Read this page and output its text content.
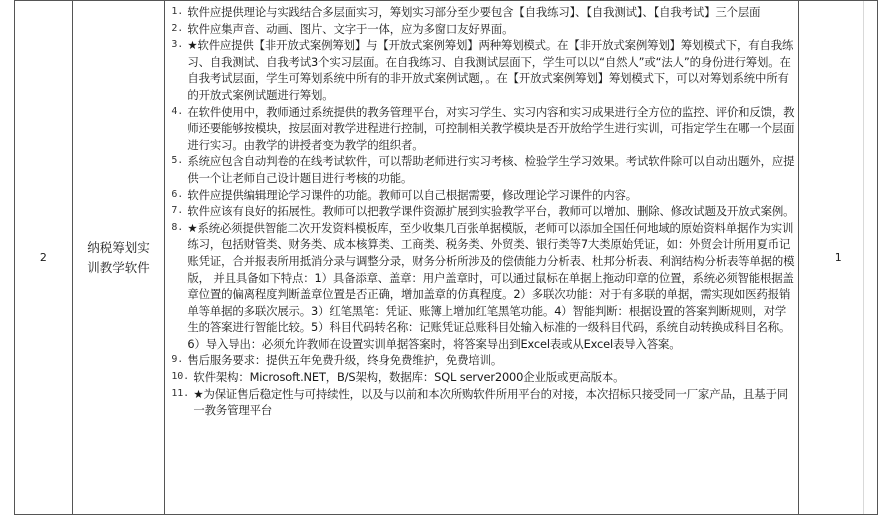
2	
纳税筹划实训教学软件

1. 软件应提供理论与实践结合多层面实习，筹划实习部分至少要包含【自我练习】、【自我测试】、【自我考试】三个层面
2. 软件应集声音、动画、图片、文字于一体，应为多窗口友好界面。
3. ★软件应提供【非开放式案例筹划】与【开放式案例筹划】两种筹划模式。在【非开放式案例筹划】筹划模式下，有自我练习、自我测试、自我考试3个实习层面。在自我练习、自我测试层面下，学生可以以“自然人”或“法人”的身份进行筹划。在自我考试层面，学生可筹划系统中所有的非开放式案例试题，。在【开放式案例筹划】筹划模式下，可以对筹划系统中所有的开放式案例试题进行筹划。
4. 在软件使用中，教师通过系统提供的教务管理平台，对实习学生、实习内容和实习成果进行全方位的监控、评价和反馈，教师还要能够按模块，按层面对教学进程进行控制，可控制相关教学模块是否开放给学生进行实训，可指定学生在哪一个层面进行实习。由教学的讲授者变为教学的组织者。
5. 系统应包含自动判卷的在线考试软件，可以帮助老师进行实习考核、检验学生学习效果。考试软件除可以自动出题外，应提供一个让老师自己设计题目进行考核的功能。
6. 软件应提供编辑理论学习课件的功能。教师可以自己根据需要，修改理论学习课件的内容。
7. 软件应该有良好的拓展性。教师可以把教学课件资源扩展到实验教学平台，教师可以增加、删除、修改试题及开放式案例。
8. ★系统必须提供智能二次开发资料模板库，至少收集几百张单据模版，老师可以添加全国任何地域的原始资料单据作为实训练习，包括财管类、财务类、成本核算类、工商类、税务类、外贸类、银行类等7大类原始凭证，如：外贸会计所用夏币记账凭证，合并报表所用抵消分录与调整分录，财务分析所涉及的偿债能力分析表、杜邦分析表、利润结构分析表等单据的模版， 并且具备如下特点：1）具备添章、盖章：用户盖章时，可以通过鼠标在单据上拖动印章的位置，系统必须智能根据盖章位置的偏离程度判断盖章位置是否正确，增加盖章的仿真程度。2）多联次功能：对于有多联的单据，需实现如医药报销单等单据的多联次展示。3）红笔黑笔：凭证、账簿上增加红笔黑笔功能。4）智能判断：根据设置的答案判断规则，对学生的答案进行智能比较。5）科目代码转名称：记账凭证总账科目处输入标准的一级科目代码，系统自动转换成科目名称。6）导入导出：必须允许教师在设置实训单据答案时，将答案导出到Excel表或从Excel表导入答案。
9. 售后服务要求：提供五年免费升级，终身免费维护，免费培训。
10. 软件架构：Microsoft.NET，B/S架构，数据库：SQL server2000企业版或更高版本。
11. ★为保证售后稳定性与可持续性，以及与以前和本次所购软件所用平台的对接，本次招标只接受同一厂家产品，且基于同一教务管理平台
	1
